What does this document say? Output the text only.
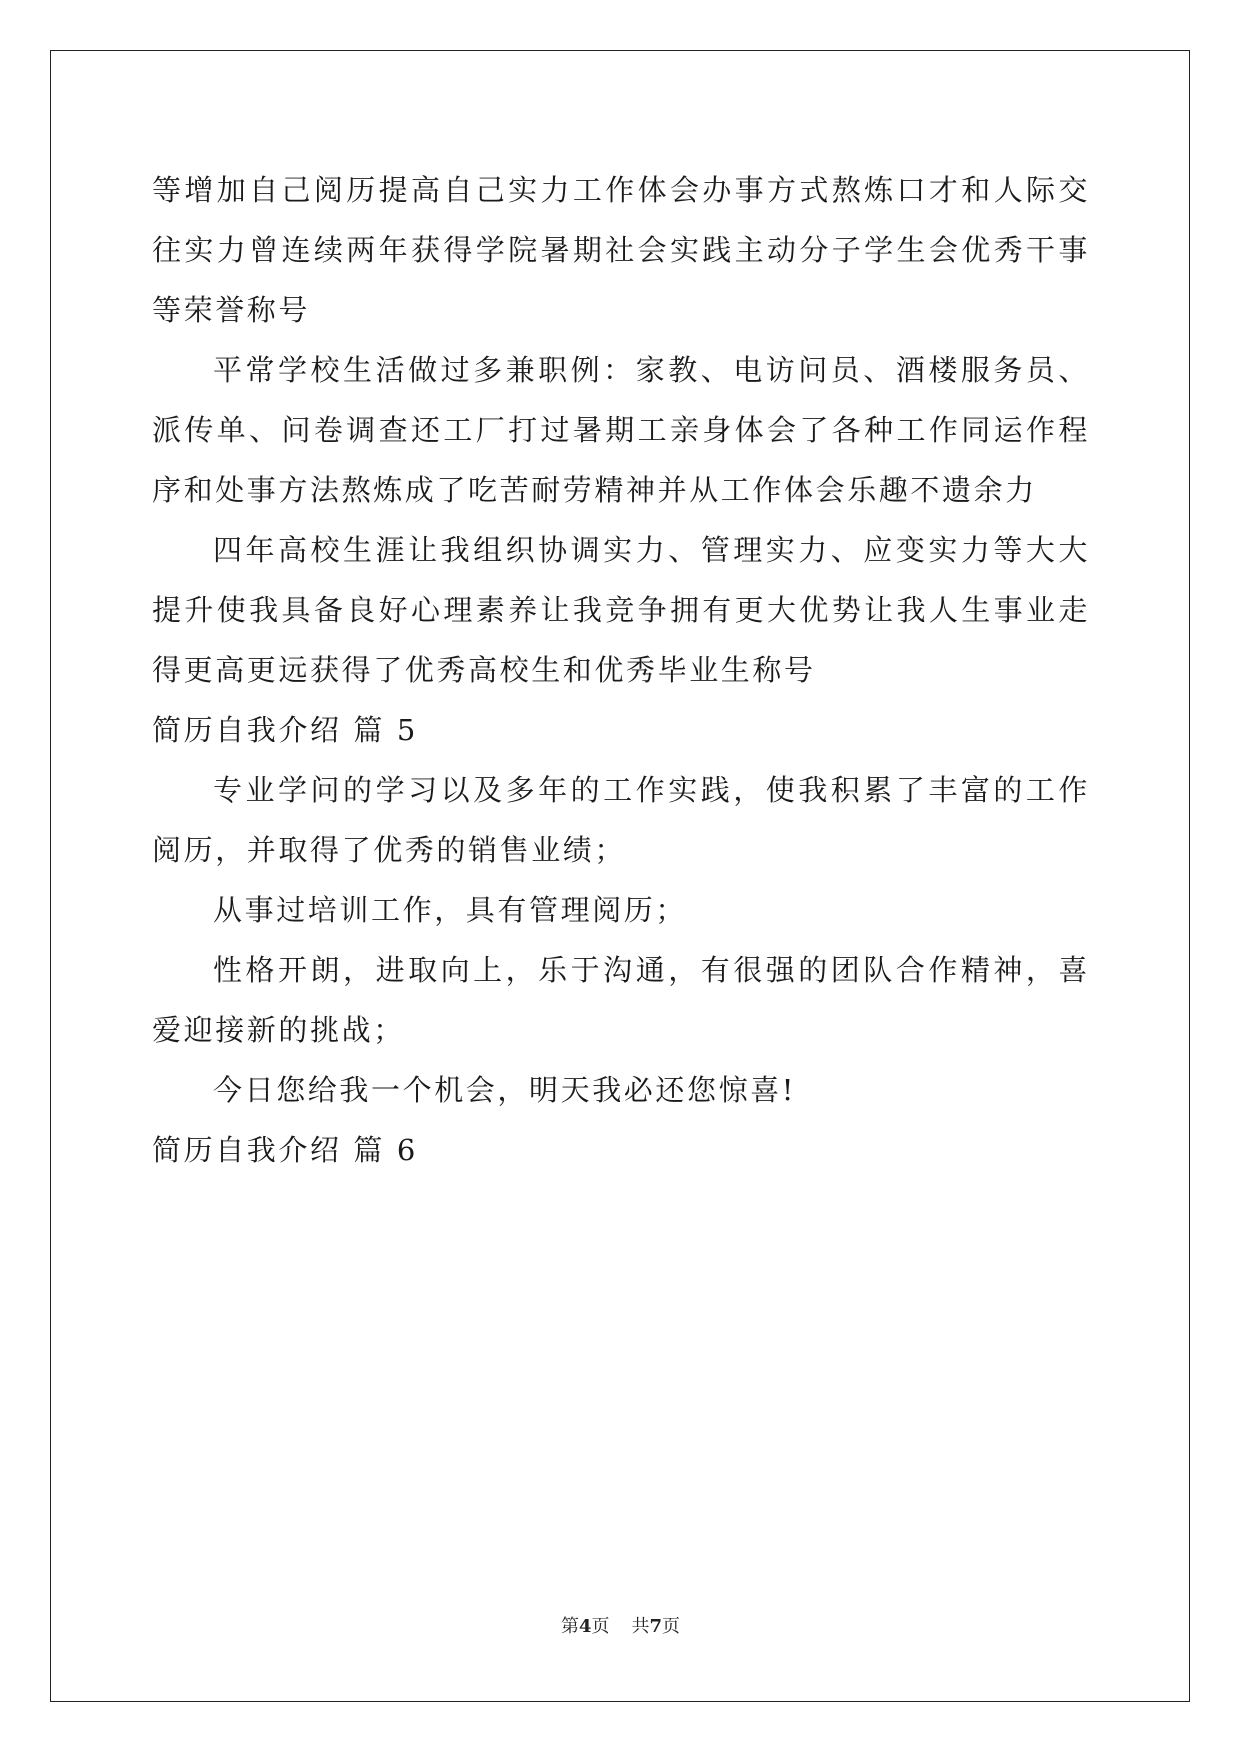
等增加自己阅历提高自己实力工作体会办事方式熬炼口才和人际交往实力曾连续两年获得学院暑期社会实践主动分子学生会优秀干事等荣誉称号

平常学校生活做过多兼职例：家教、电访问员、酒楼服务员、派传单、问卷调查还工厂打过暑期工亲身体会了各种工作同运作程序和处事方法熬炼成了吃苦耐劳精神并从工作体会乐趣不遗余力

四年高校生涯让我组织协调实力、管理实力、应变实力等大大提升使我具备良好心理素养让我竞争拥有更大优势让我人生事业走得更高更远获得了优秀高校生和优秀毕业生称号

简历自我介绍 篇 5

专业学问的学习以及多年的工作实践，使我积累了丰富的工作阅历，并取得了优秀的销售业绩；

从事过培训工作，具有管理阅历；

性格开朗，进取向上，乐于沟通，有很强的团队合作精神，喜爱迎接新的挑战；

今日您给我一个机会，明天我必还您惊喜!

简历自我介绍 篇 6

第4页 共7页
